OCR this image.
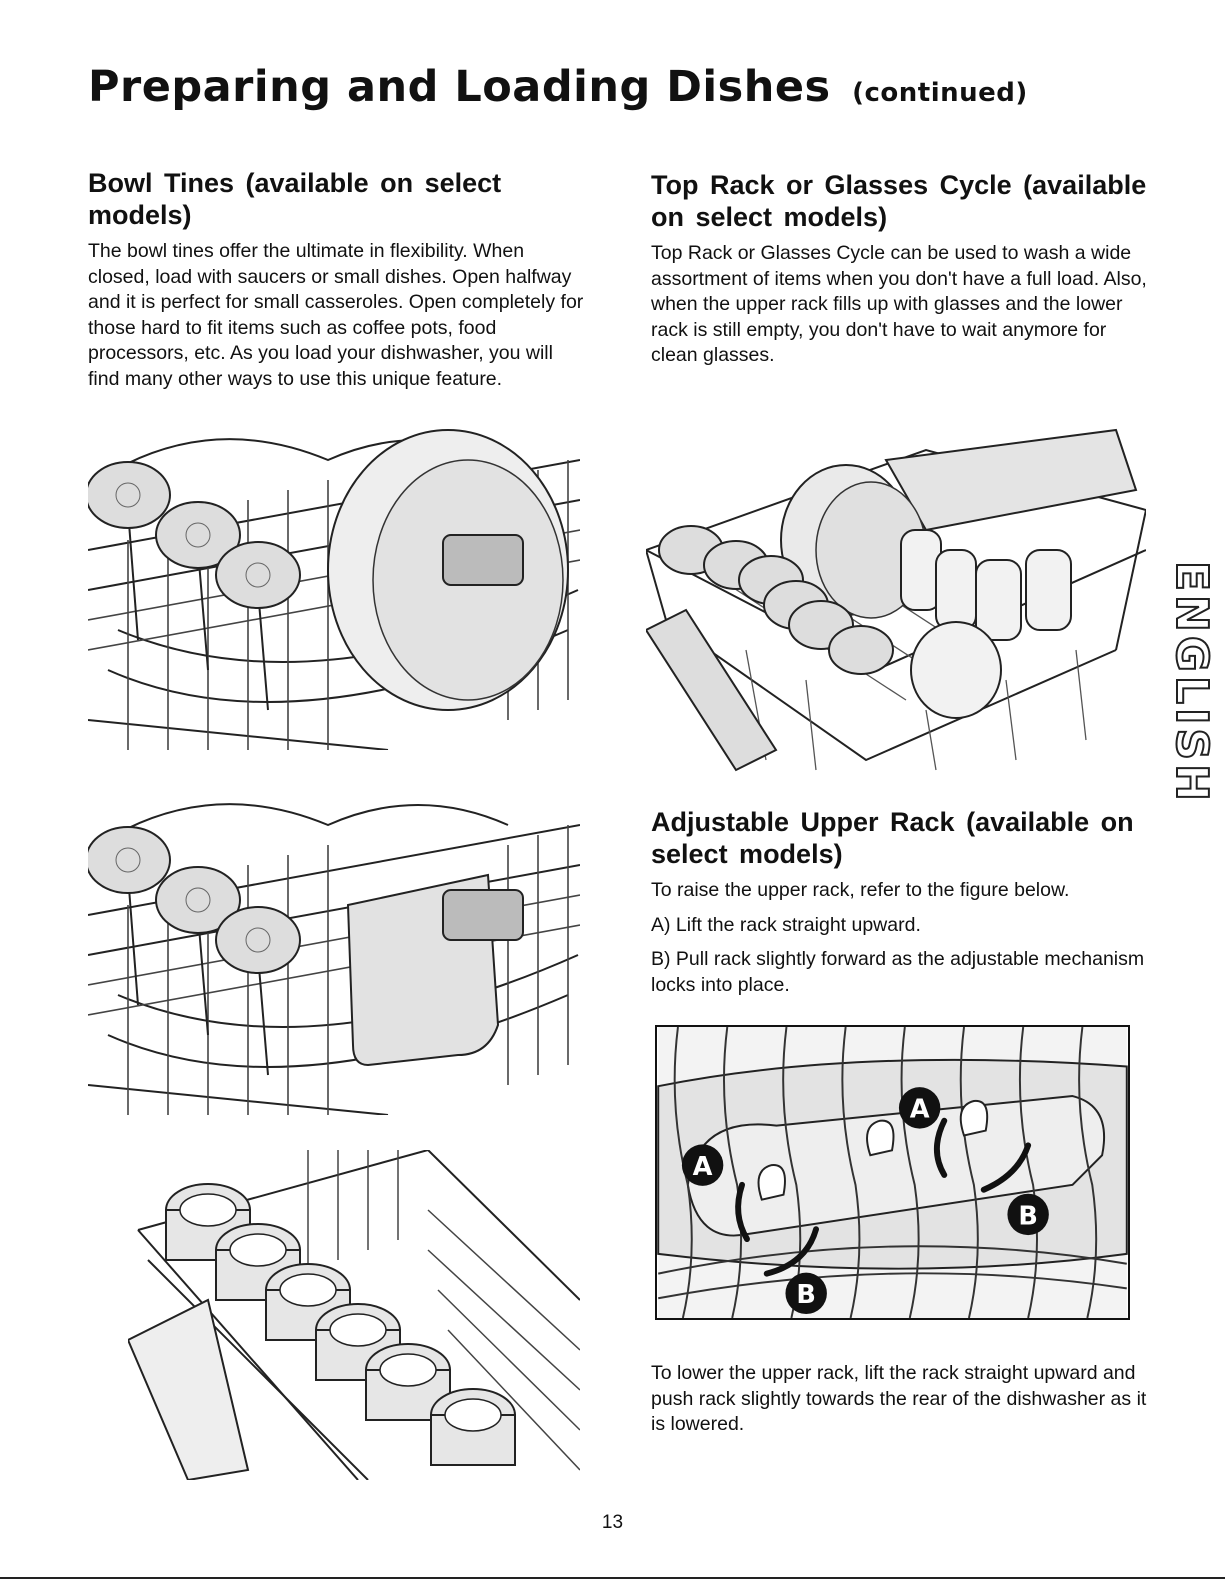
Preparing and Loading Dishes (continued)
Bowl Tines (available on select models)

The bowl tines offer the ultimate in flexibility. When closed, load with saucers or small dishes. Open halfway and it is perfect for small casseroles. Open completely for those hard to fit items such as coffee pots, food processors, etc. As you load your dishwasher, you will find many other ways to use this unique feature.

Top Rack or Glasses Cycle (available on select models)

Top Rack or Glasses Cycle can be used to wash a wide assortment of items when you don't have a full load. Also, when the upper rack fills up with glasses and the lower rack is still empty, you don't have to wait anymore for clean glasses.

ENGLISH
Adjustable Upper Rack (available on select models)

To raise the upper rack, refer to the figure below.

A) Lift the rack straight upward.

B) Pull rack slightly forward as the adjustable mechanism locks into place.

A
B
A
B

To lower the upper rack, lift the rack straight upward and push rack slightly towards the rear of the dishwasher as it is lowered.

13
